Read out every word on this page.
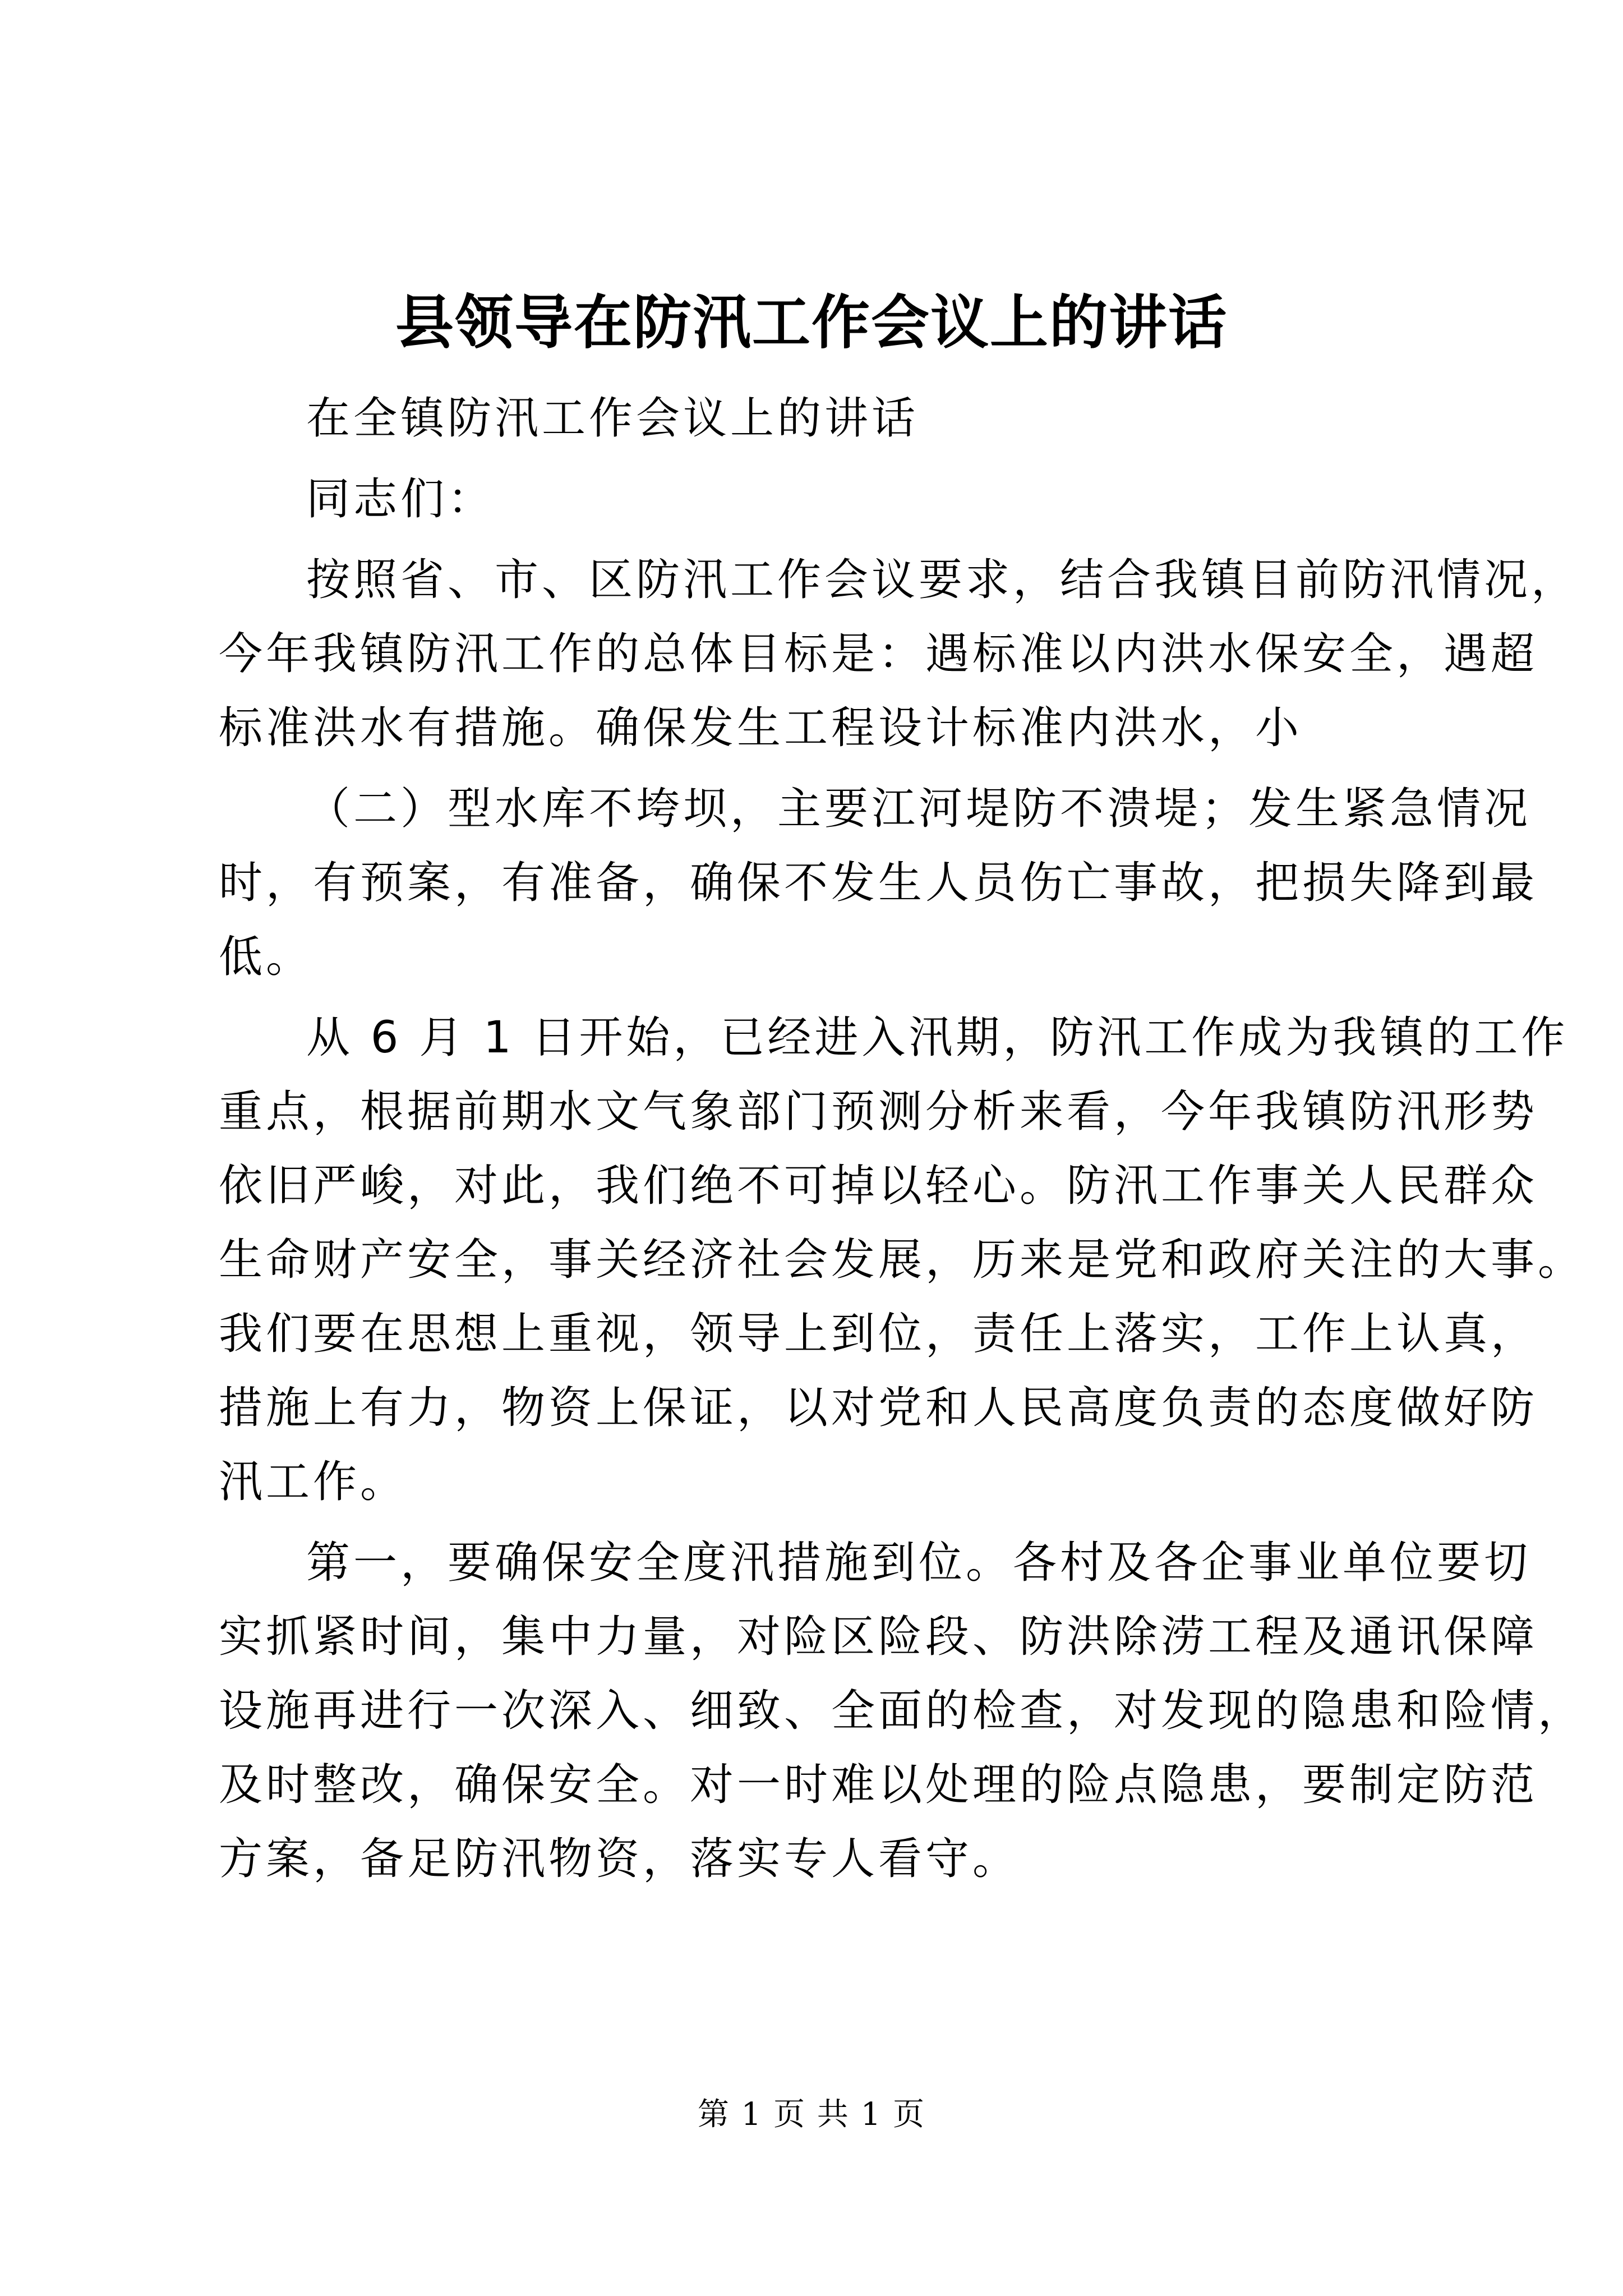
县领导在防汛工作会议上的讲话
在全镇防汛工作会议上的讲话
同志们：
按照省、市、区防汛工作会议要求，结合我镇目前防汛情况，
今年我镇防汛工作的总体目标是：遇标准以内洪水保安全，遇超
标准洪水有措施。确保发生工程设计标准内洪水，小
（二）型水库不垮坝，主要江河堤防不溃堤；发生紧急情况
时，有预案，有准备，确保不发生人员伤亡事故，把损失降到最
低。
从 6 月 1 日开始，已经进入汛期，防汛工作成为我镇的工作
重点，根据前期水文气象部门预测分析来看，今年我镇防汛形势
依旧严峻，对此，我们绝不可掉以轻心。防汛工作事关人民群众
生命财产安全，事关经济社会发展，历来是党和政府关注的大事。
我们要在思想上重视，领导上到位，责任上落实，工作上认真，
措施上有力，物资上保证，以对党和人民高度负责的态度做好防
汛工作。
第一，要确保安全度汛措施到位。各村及各企事业单位要切
实抓紧时间，集中力量，对险区险段、防洪除涝工程及通讯保障
设施再进行一次深入、细致、全面的检查，对发现的隐患和险情，
及时整改，确保安全。对一时难以处理的险点隐患，要制定防范
方案，备足防汛物资，落实专人看守。
第 1 页 共 1 页
